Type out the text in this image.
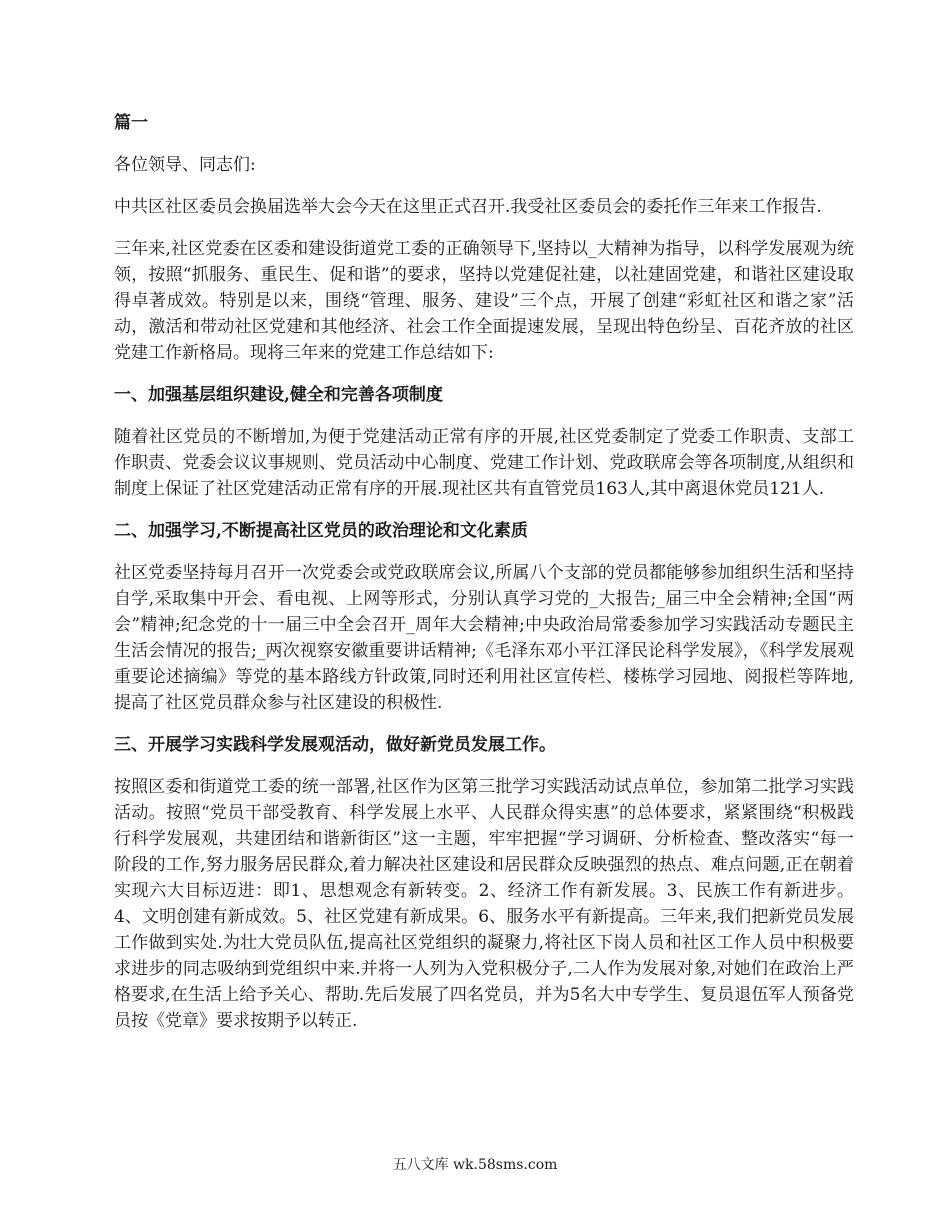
篇一
各位领导、同志们:
中共区社区委员会换届选举大会今天在这里正式召开.我受社区委员会的委托作三年来工作报告.
三年来,社区党委在区委和建设街道党工委的正确领导下,坚持以_大精神为指导，以科学发展观为统领，按照“抓服务、重民生、促和谐”的要求，坚持以党建促社建，以社建固党建，和谐社区建设取得卓著成效。特别是以来，围绕“管理、服务、建设”三个点，开展了创建“彩虹社区和谐之家”活动，激活和带动社区党建和其他经济、社会工作全面提速发展，呈现出特色纷呈、百花齐放的社区党建工作新格局。现将三年来的党建工作总结如下:
一、加强基层组织建设,健全和完善各项制度
随着社区党员的不断增加,为便于党建活动正常有序的开展,社区党委制定了党委工作职责、支部工作职责、党委会议议事规则、党员活动中心制度、党建工作计划、党政联席会等各项制度,从组织和制度上保证了社区党建活动正常有序的开展.现社区共有直管党员163人,其中离退休党员121人.
二、加强学习,不断提高社区党员的政治理论和文化素质
社区党委坚持每月召开一次党委会或党政联席会议,所属八个支部的党员都能够参加组织生活和坚持自学,采取集中开会、看电视、上网等形式，分别认真学习党的_大报告;_届三中全会精神;全国“两会”精神;纪念党的十一届三中全会召开_周年大会精神;中央政治局常委参加学习实践活动专题民主生活会情况的报告;_两次视察安徽重要讲话精神;《毛泽东邓小平江泽民论科学发展》，《科学发展观重要论述摘编》等党的基本路线方针政策,同时还利用社区宣传栏、楼栋学习园地、阅报栏等阵地,提高了社区党员群众参与社区建设的积极性.
三、开展学习实践科学发展观活动，做好新党员发展工作。
按照区委和街道党工委的统一部署,社区作为区第三批学习实践活动试点单位，参加第二批学习实践活动。按照“党员干部受教育、科学发展上水平、人民群众得实惠”的总体要求，紧紧围绕“积极践行科学发展观，共建团结和谐新街区”这一主题，牢牢把握“学习调研、分析检查、整改落实“每一阶段的工作,努力服务居民群众,着力解决社区建设和居民群众反映强烈的热点、难点问题,正在朝着实现六大目标迈进：即1、思想观念有新转变。2、经济工作有新发展。3、民族工作有新进步。4、文明创建有新成效。5、社区党建有新成果。6、服务水平有新提高。三年来,我们把新党员发展工作做到实处.为壮大党员队伍,提高社区党组织的凝聚力,将社区下岗人员和社区工作人员中积极要求进步的同志吸纳到党组织中来.并将一人列为入党积极分子,二人作为发展对象,对她们在政治上严格要求,在生活上给予关心、帮助.先后发展了四名党员，并为5名大中专学生、复员退伍军人预备党员按《党章》要求按期予以转正.
五八文库 wk.58sms.com
